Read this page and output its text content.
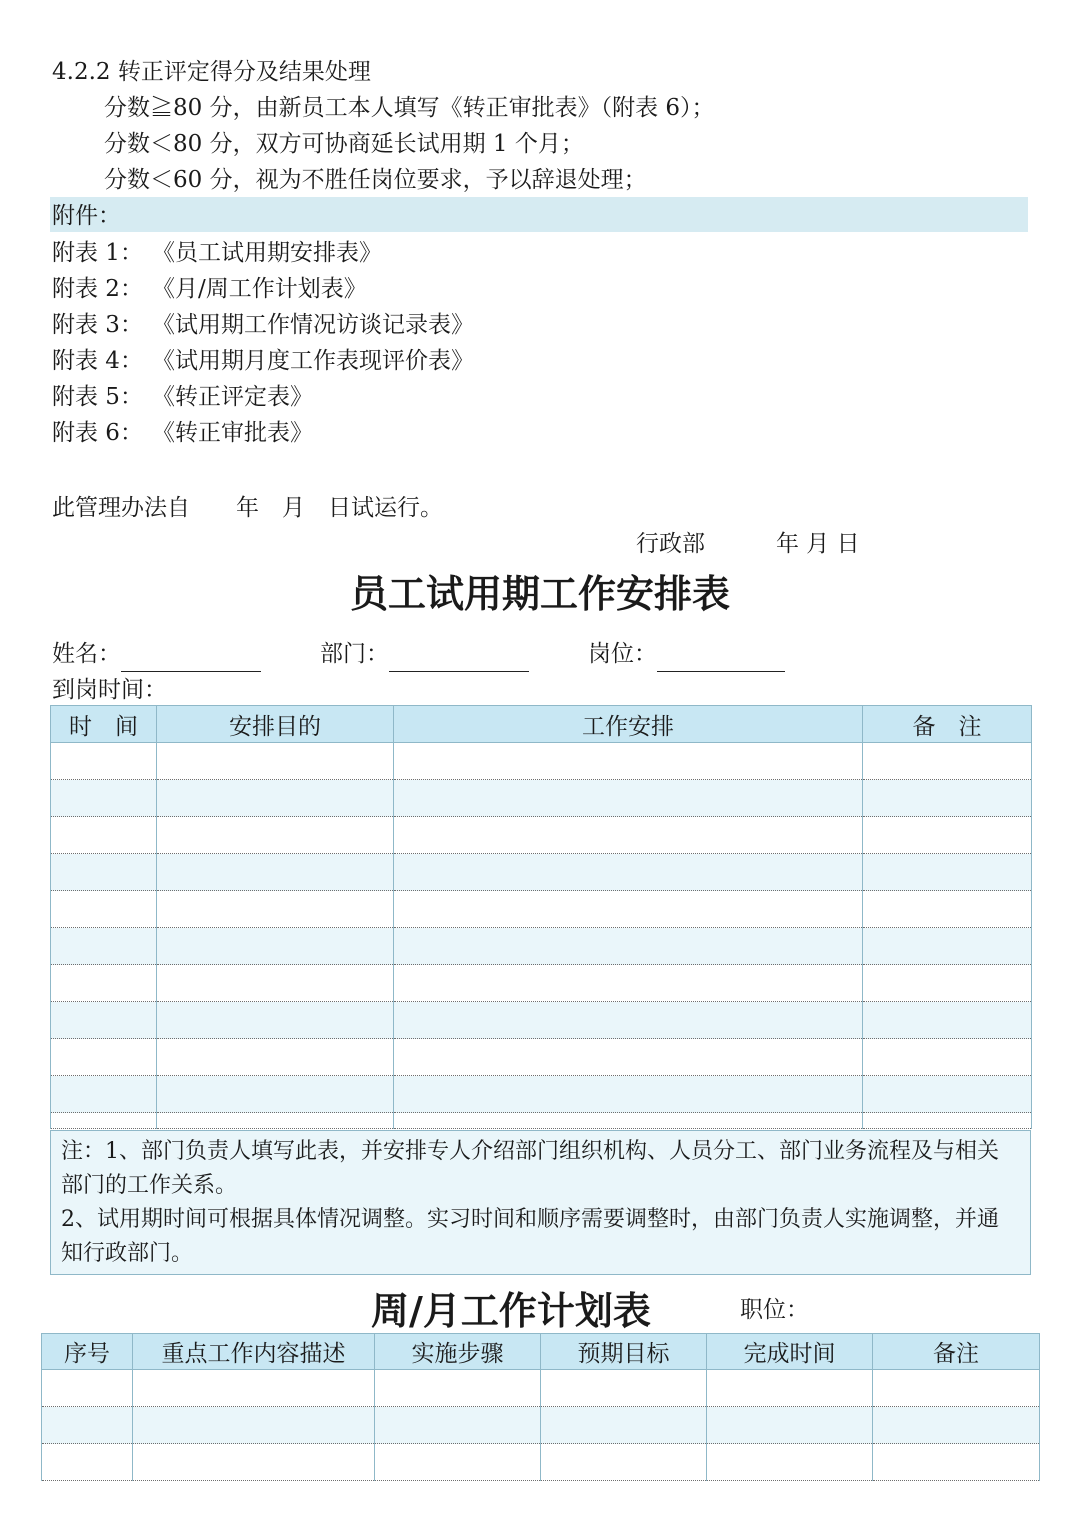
4.2.2 转正评定得分及结果处理
分数≧80 分，由新员工本人填写《转正审批表》（附表 6）；
分数＜80 分，双方可协商延长试用期 1 个月；
分数＜60 分，视为不胜任岗位要求，予以辞退处理；
附件：
附表 1： 《员工试用期安排表》
附表 2： 《月/周工作计划表》
附表 3： 《试用期工作情况访谈记录表》
附表 4： 《试用期月度工作表现评价表》
附表 5： 《转正评定表》
附表 6： 《转正审批表》
此管理办法自　　年　月　日试运行。
行政部	年 月 日
员工试用期工作安排表
姓名：	部门：	岗位：
到岗时间：
时　间	安排目的	工作安排	备　注

注：1、部门负责人填写此表，并安排专人介绍部门组织机构、人员分工、部门业务流程及与相关部门的工作关系。
2、试用期时间可根据具体情况调整。实习时间和顺序需要调整时，由部门负责人实施调整，并通知行政部门。
周/月工作计划表	职位：
序号	重点工作内容描述	实施步骤	预期目标	完成时间	备注
